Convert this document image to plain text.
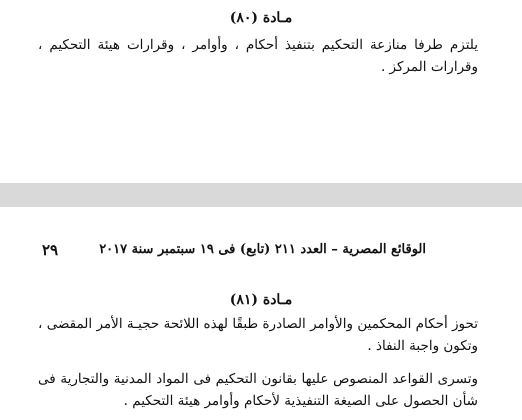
مـادة (٨٠)
يلتزم طرفا منازعة التحكيم بتنفيذ أحكام ، وأوامر ، وقرارات هيئة التحكيم ، وقرارات المركز .
الوقائع المصرية – العدد ٢١١ (تابع) فى ١٩ سبتمبر سنة ٢٠١٧
٢٩
مـادة (٨١)
تحوز أحكام المحكمين والأوامر الصادرة طبقًا لهذه اللائحة حجيـة الأمر المقضى ، وتكون واجبة النفاذ .
وتسرى القواعد المنصوص عليها بقانون التحكيم فى المواد المدنية والتجارية فى شأن الحصول على الصيغة التنفيذية لأحكام وأوامر هيئة التحكيم .
